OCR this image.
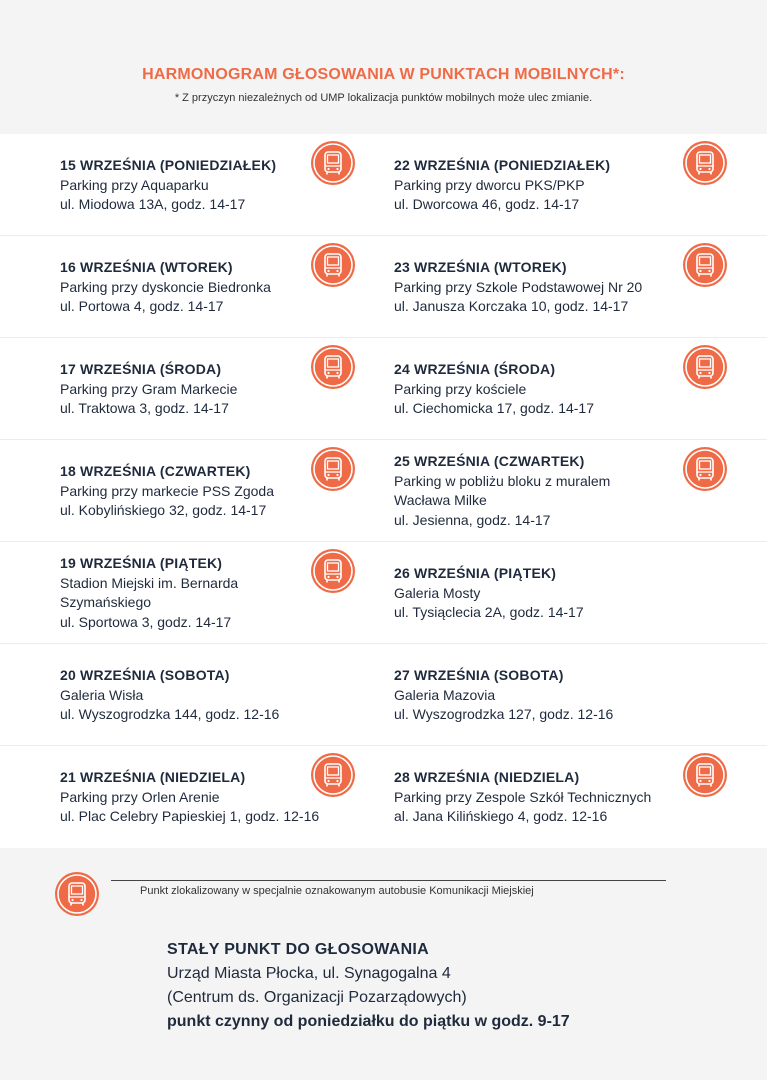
HARMONOGRAM GŁOSOWANIA W PUNKTACH MOBILNYCH*:
* Z przyczyn niezależnych od UMP lokalizacja punktów mobilnych może ulec zmianie.
15 WRZEŚNIA (PONIEDZIAŁEK)
Parking przy Aquaparku
ul. Miodowa 13A, godz. 14-17
22 WRZEŚNIA (PONIEDZIAŁEK)
Parking przy dworcu PKS/PKP
ul. Dworcowa 46, godz. 14-17
16 WRZEŚNIA (WTOREK)
Parking przy dyskoncie Biedronka
ul. Portowa 4, godz. 14-17
23 WRZEŚNIA (WTOREK)
Parking przy Szkole Podstawowej Nr 20
ul. Janusza Korczaka 10, godz. 14-17
17 WRZEŚNIA (ŚRODA)
Parking przy Gram Markecie
ul. Traktowa 3, godz. 14-17
24 WRZEŚNIA (ŚRODA)
Parking przy kościele
ul. Ciechomicka 17, godz. 14-17
18 WRZEŚNIA (CZWARTEK)
Parking przy markecie PSS Zgoda
ul. Kobylińskiego 32, godz. 14-17
25 WRZEŚNIA (CZWARTEK)
Parking w pobliżu bloku z muralem
Wacława Milke
ul. Jesienna, godz. 14-17
19 WRZEŚNIA (PIĄTEK)
Stadion Miejski im. Bernarda
Szymańskiego
ul. Sportowa 3, godz. 14-17
26 WRZEŚNIA (PIĄTEK)
Galeria Mosty
ul. Tysiąclecia 2A, godz. 14-17
20 WRZEŚNIA (SOBOTA)
Galeria Wisła
ul. Wyszogrodzka 144, godz. 12-16
27 WRZEŚNIA (SOBOTA)
Galeria Mazovia
ul. Wyszogrodzka 127, godz. 12-16
21 WRZEŚNIA (NIEDZIELA)
Parking przy Orlen Arenie
ul. Plac Celebry Papieskiej 1, godz. 12-16
28 WRZEŚNIA (NIEDZIELA)
Parking przy Zespole Szkół Technicznych
al. Jana Kilińskiego 4, godz. 12-16
Punkt zlokalizowany w specjalnie oznakowanym autobusie Komunikacji Miejskiej
STAŁY PUNKT DO GŁOSOWANIA
Urząd Miasta Płocka, ul. Synagogalna 4
(Centrum ds. Organizacji Pozarządowych)
punkt czynny od poniedziałku do piątku w godz. 9-17
